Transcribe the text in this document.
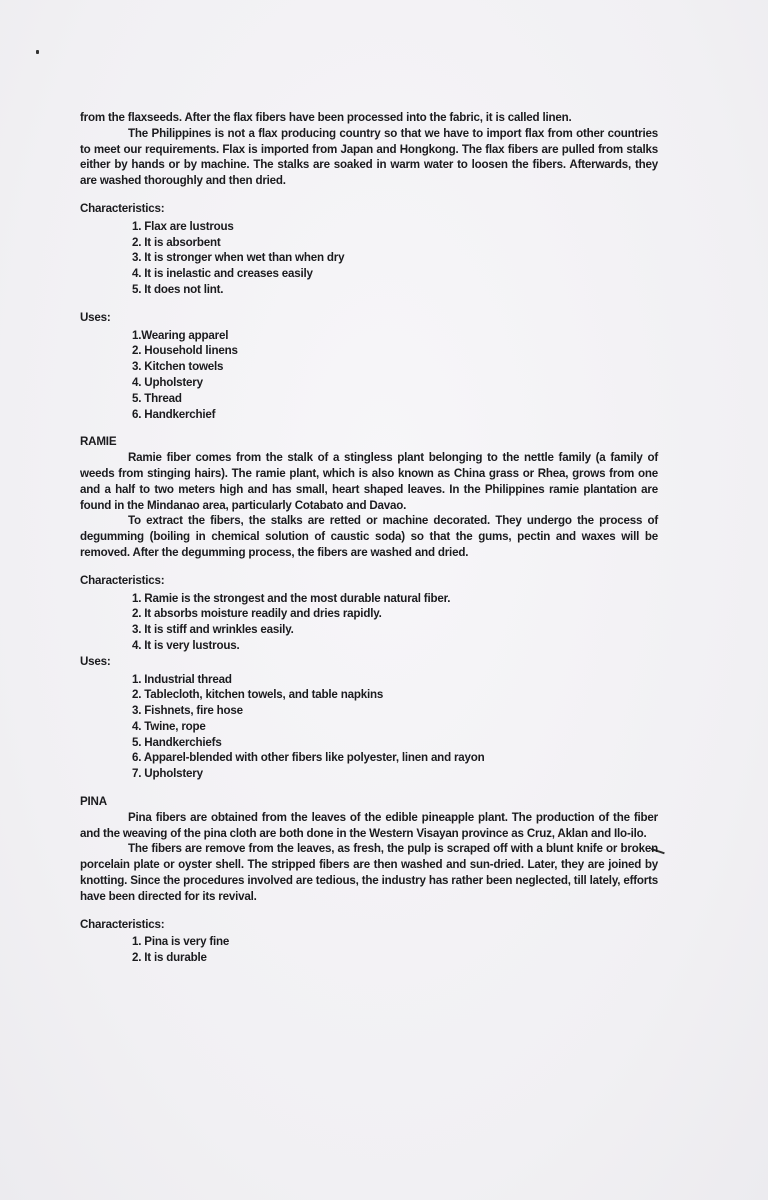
from the flaxseeds. After the flax fibers have been processed into the fabric, it is called linen.

The Philippines is not a flax producing country so that we have to import flax from other countries to meet our requirements. Flax is imported from Japan and Hongkong. The flax fibers are pulled from stalks either by hands or by machine. The stalks are soaked in warm water to loosen the fibers. Afterwards, they are washed thoroughly and then dried.

Characteristics:

1. Flax are lustrous
2. It is absorbent
3. It is stronger when wet than when dry
4. It is inelastic and creases easily
5. It does not lint.

Uses:

1.Wearing apparel
2. Household linens
3. Kitchen towels
4. Upholstery
5. Thread
6. Handkerchief

RAMIE

Ramie fiber comes from the stalk of a stingless plant belonging to the nettle family (a family of weeds from stinging hairs). The ramie plant, which is also known as China grass or Rhea, grows from one and a half to two meters high and has small, heart shaped leaves. In the Philippines ramie plantation are found in the Mindanao area, particularly Cotabato and Davao.

To extract the fibers, the stalks are retted or machine decorated. They undergo the process of degumming (boiling in chemical solution of caustic soda) so that the gums, pectin and waxes will be removed. After the degumming process, the fibers are washed and dried.

Characteristics:

1. Ramie is the strongest and the most durable natural fiber.
2. It absorbs moisture readily and dries rapidly.
3. It is stiff and wrinkles easily.
4. It is very lustrous.

Uses:

1. Industrial thread
2. Tablecloth, kitchen towels, and table napkins
3. Fishnets, fire hose
4. Twine, rope
5. Handkerchiefs
6. Apparel-blended with other fibers like polyester, linen and rayon
7. Upholstery

PINA

Pina fibers are obtained from the leaves of the edible pineapple plant. The production of the fiber and the weaving of the pina cloth are both done in the Western Visayan province as Cruz, Aklan and Ilo-ilo.

The fibers are remove from the leaves, as fresh, the pulp is scraped off with a blunt knife or broken porcelain plate or oyster shell. The stripped fibers are then washed and sun-dried. Later, they are joined by knotting. Since the procedures involved are tedious, the industry has rather been neglected, till lately, efforts have been directed for its revival.

Characteristics:

1. Pina is very fine
2. It is durable
